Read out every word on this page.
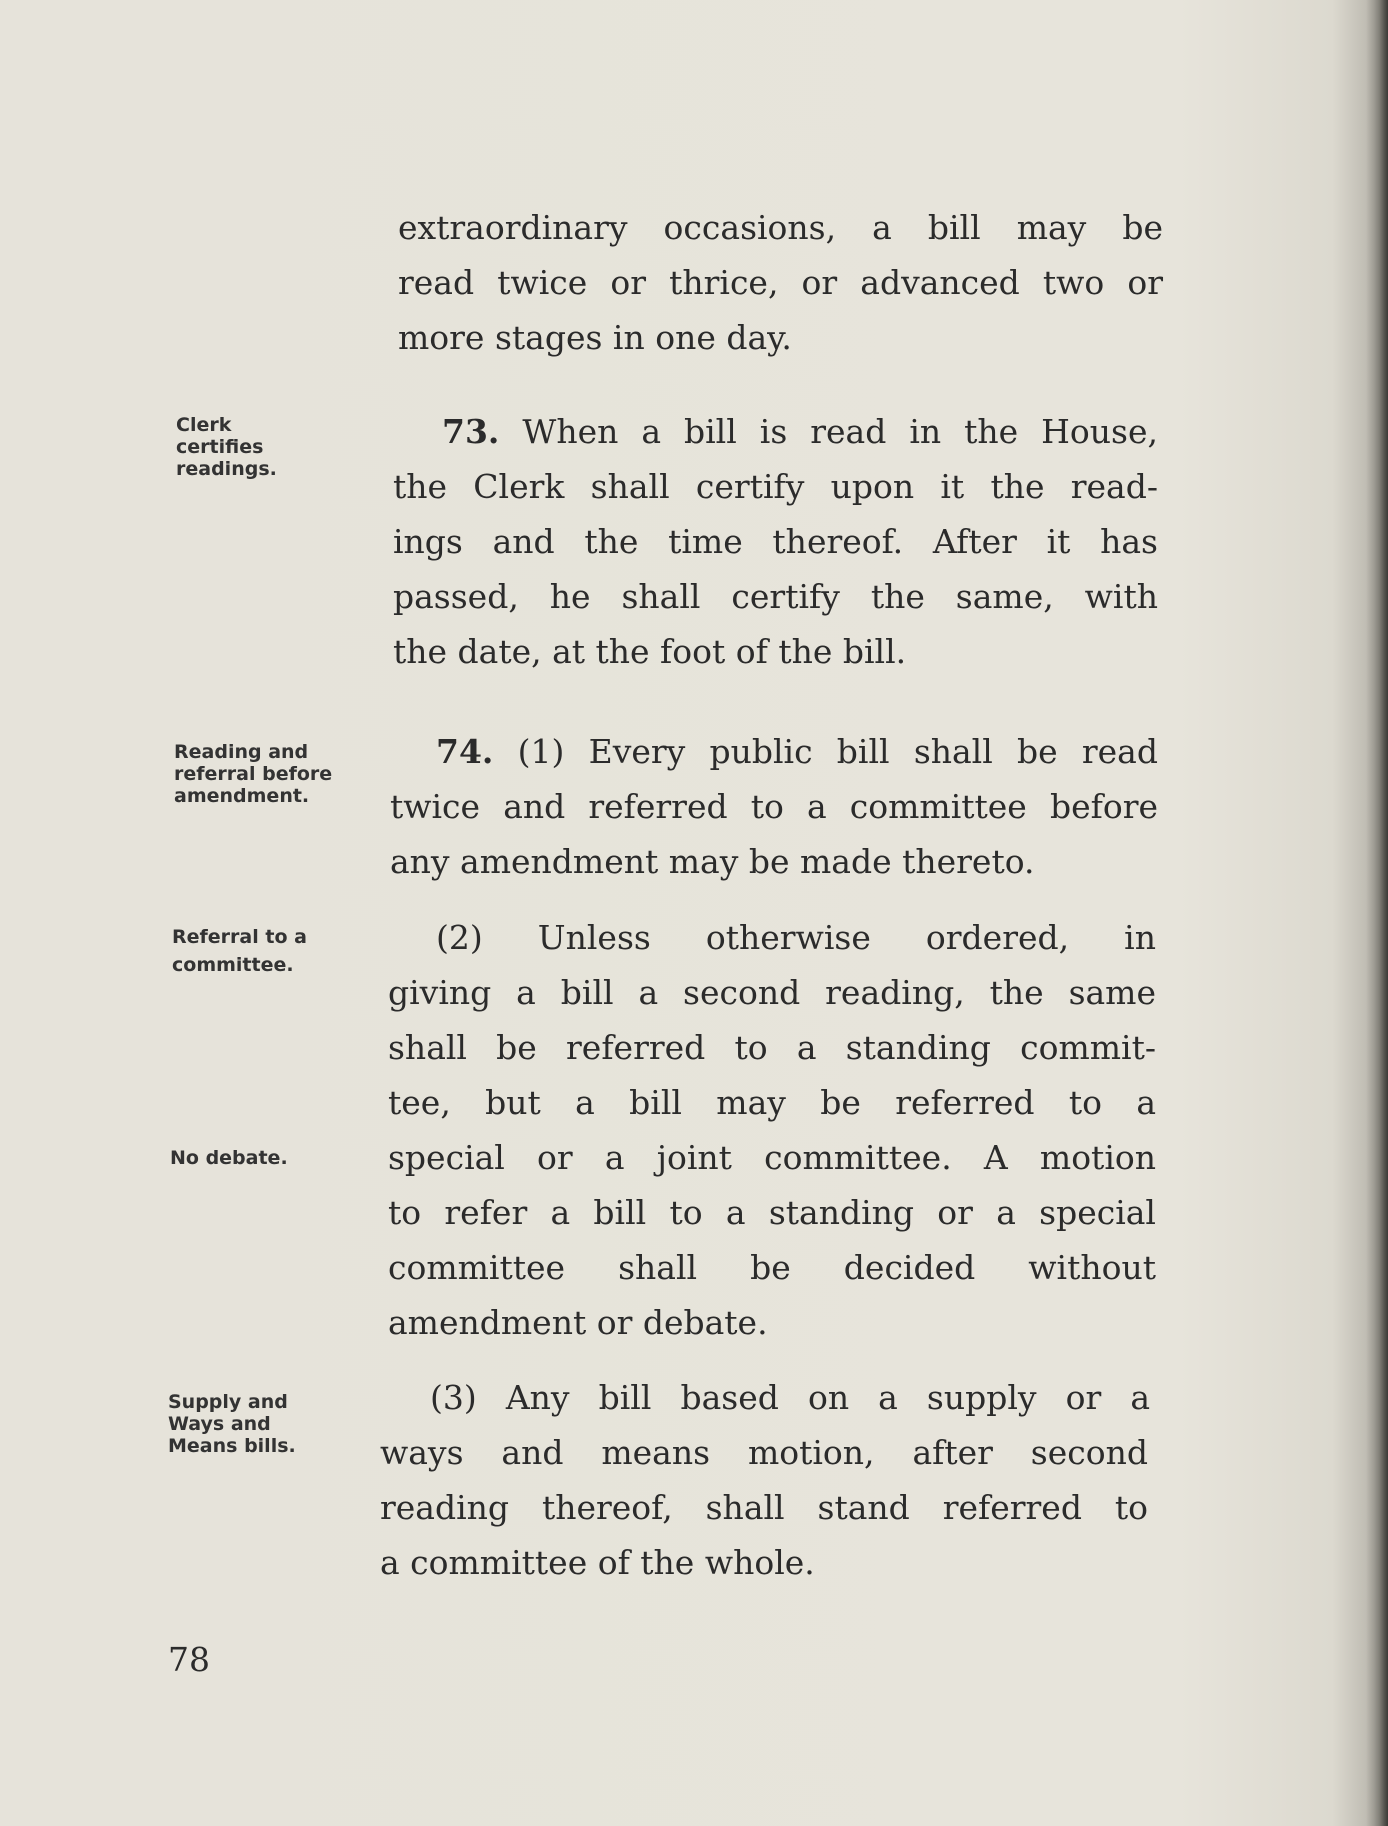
extraordinary occasions, a bill may be

read twice or thrice, or advanced two or

more stages in one day.

73. When a bill is read in the House,

the Clerk shall certify upon it the read-

ings and the time thereof. After it has

passed, he shall certify the same, with

the date, at the foot of the bill.

74. (1) Every public bill shall be read

twice and referred to a committee before

any amendment may be made thereto.

(2) Unless otherwise ordered, in

giving a bill a second reading, the same

shall be referred to a standing commit-

tee, but a bill may be referred to a

special or a joint committee. A motion

to refer a bill to a standing or a special

committee shall be decided without

amendment or debate.

(3) Any bill based on a supply or a

ways and means motion, after second

reading thereof, shall stand referred to

a committee of the whole.

Clerk

certifies

readings.

Reading and

referral before

amendment.

Referral to a

committee.

No debate.

Supply and

Ways and

Means bills.

78
